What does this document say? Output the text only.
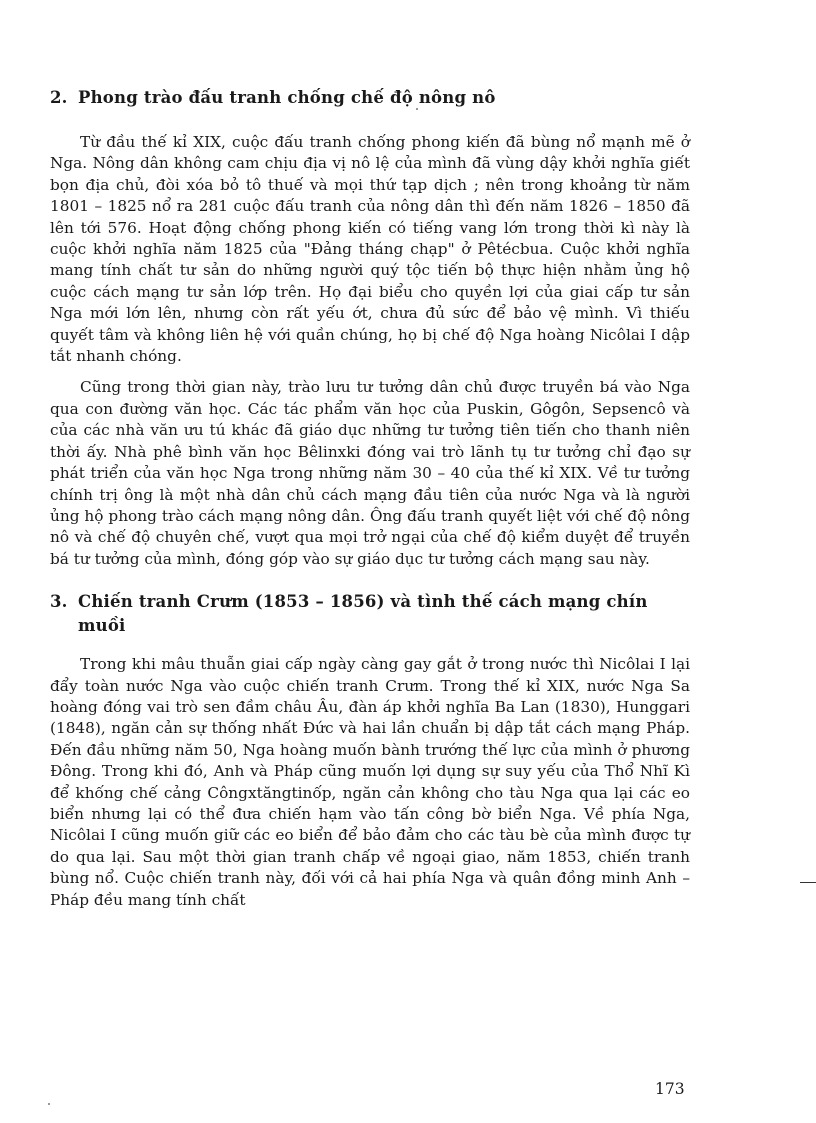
2. Phong trào đấu tranh chống chế độ nông nô

Từ đầu thế kỉ XIX, cuộc đấu tranh chống phong kiến đã bùng nổ mạnh mẽ ở Nga. Nông dân không cam chịu địa vị nô lệ của mình đã vùng dậy khởi nghĩa giết bọn địa chủ, đòi xóa bỏ tô thuế và mọi thứ tạp dịch ; nên trong khoảng từ năm 1801 – 1825 nổ ra 281 cuộc đấu tranh của nông dân thì đến năm 1826 – 1850 đã lên tới 576. Hoạt động chống phong kiến có tiếng vang lớn trong thời kì này là cuộc khởi nghĩa năm 1825 của "Đảng tháng chạp" ở Pêtécbua. Cuộc khởi nghĩa mang tính chất tư sản do những người quý tộc tiến bộ thực hiện nhằm ủng hộ cuộc cách mạng tư sản lớp trên. Họ đại biểu cho quyền lợi của giai cấp tư sản Nga mới lớn lên, nhưng còn rất yếu ớt, chưa đủ sức để bảo vệ mình. Vì thiếu quyết tâm và không liên hệ với quần chúng, họ bị chế độ Nga hoàng Nicôlai I dập tắt nhanh chóng.

Cũng trong thời gian này, trào lưu tư tưởng dân chủ được truyền bá vào Nga qua con đường văn học. Các tác phẩm văn học của Puskin, Gôgôn, Sepsencô và của các nhà văn ưu tú khác đã giáo dục những tư tưởng tiên tiến cho thanh niên thời ấy. Nhà phê bình văn học Bêlinxki đóng vai trò lãnh tụ tư tưởng chỉ đạo sự phát triển của văn học Nga trong những năm 30 – 40 của thế kỉ XIX. Về tư tưởng chính trị ông là một nhà dân chủ cách mạng đầu tiên của nước Nga và là người ủng hộ phong trào cách mạng nông dân. Ông đấu tranh quyết liệt với chế độ nông nô và chế độ chuyên chế, vượt qua mọi trở ngại của chế độ kiểm duyệt để truyền bá tư tưởng của mình, đóng góp vào sự giáo dục tư tưởng cách mạng sau này.

3. Chiến tranh Crưm (1853 – 1856) và tình thế cách mạng chín muồi

Trong khi mâu thuẫn giai cấp ngày càng gay gắt ở trong nước thì Nicôlai I lại đẩy toàn nước Nga vào cuộc chiến tranh Crưm. Trong thế kỉ XIX, nước Nga Sa hoàng đóng vai trò sen đầm châu Âu, đàn áp khởi nghĩa Ba Lan (1830), Hunggari (1848), ngăn cản sự thống nhất Đức và hai lần chuẩn bị dập tắt cách mạng Pháp. Đến đầu những năm 50, Nga hoàng muốn bành trướng thế lực của mình ở phương Đông. Trong khi đó, Anh và Pháp cũng muốn lợi dụng sự suy yếu của Thổ Nhĩ Kì để khống chế cảng Côngxtăngtinốp, ngăn cản không cho tàu Nga qua lại các eo biển nhưng lại có thể đưa chiến hạm vào tấn công bờ biển Nga. Về phía Nga, Nicôlai I cũng muốn giữ các eo biển để bảo đảm cho các tàu bè của mình được tự do qua lại. Sau một thời gian tranh chấp về ngoại giao, năm 1853, chiến tranh bùng nổ. Cuộc chiến tranh này, đối với cả hai phía Nga và quân đồng minh Anh – Pháp đều mang tính chất

173
